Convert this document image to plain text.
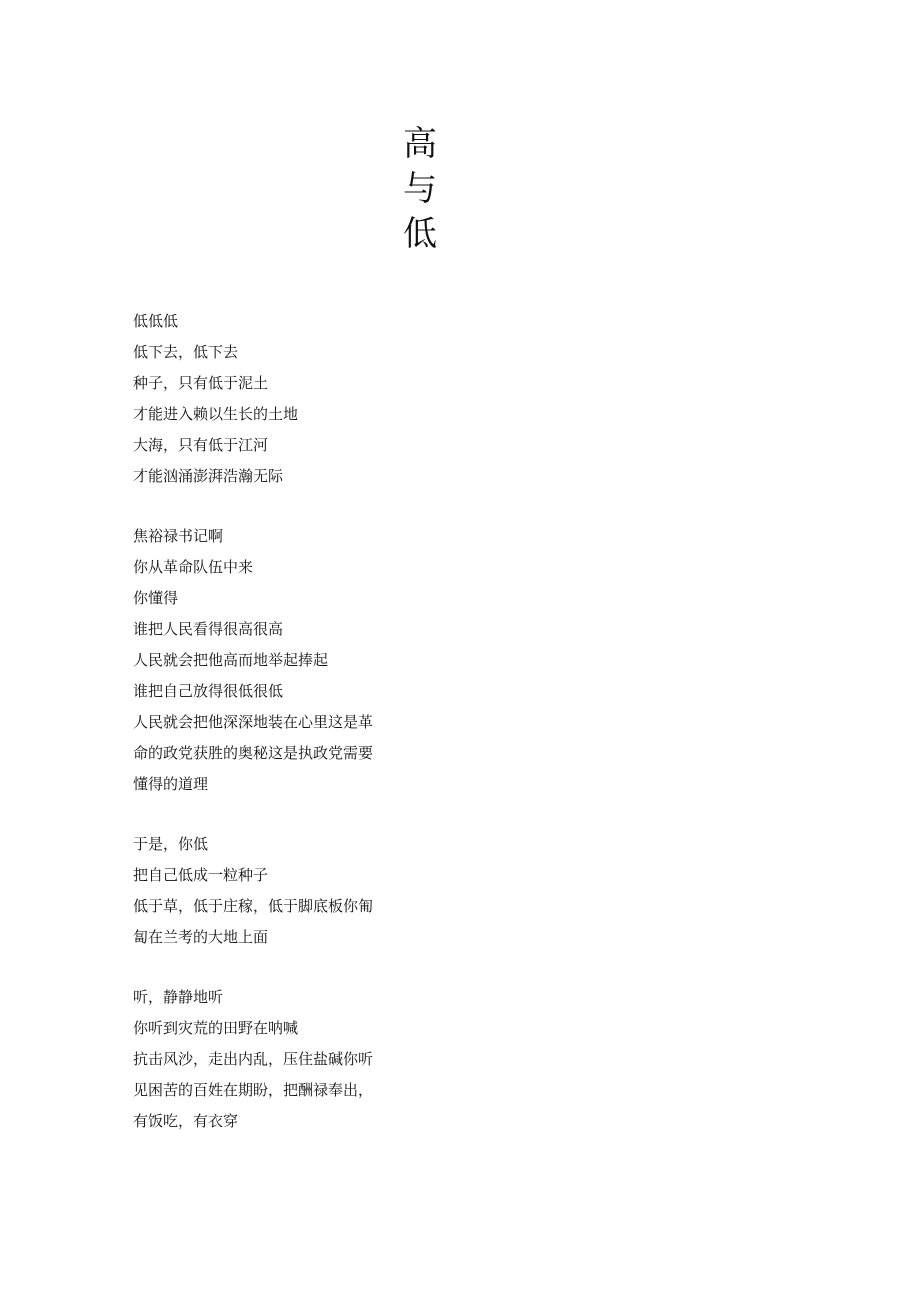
高
与
低
低低低
低下去，低下去
种子，只有低于泥土
才能进入赖以生长的土地
大海，只有低于江河
才能汹涌澎湃浩瀚无际
焦裕禄书记啊
你从革命队伍中来
你懂得
谁把人民看得很高很高
人民就会把他高而地举起捧起
谁把自己放得很低很低
人民就会把他深深地装在心里这是革
命的政党获胜的奥秘这是执政党需要
懂得的道理
于是，你低
把自己低成一粒种子
低于草，低于庄稼，低于脚底板你匍
匐在兰考的大地上面
听，静静地听
你听到灾荒的田野在呐喊
抗击风沙，走出内乱，压住盐碱你听
见困苦的百姓在期盼，把酬禄奉出，
有饭吃，有衣穿
